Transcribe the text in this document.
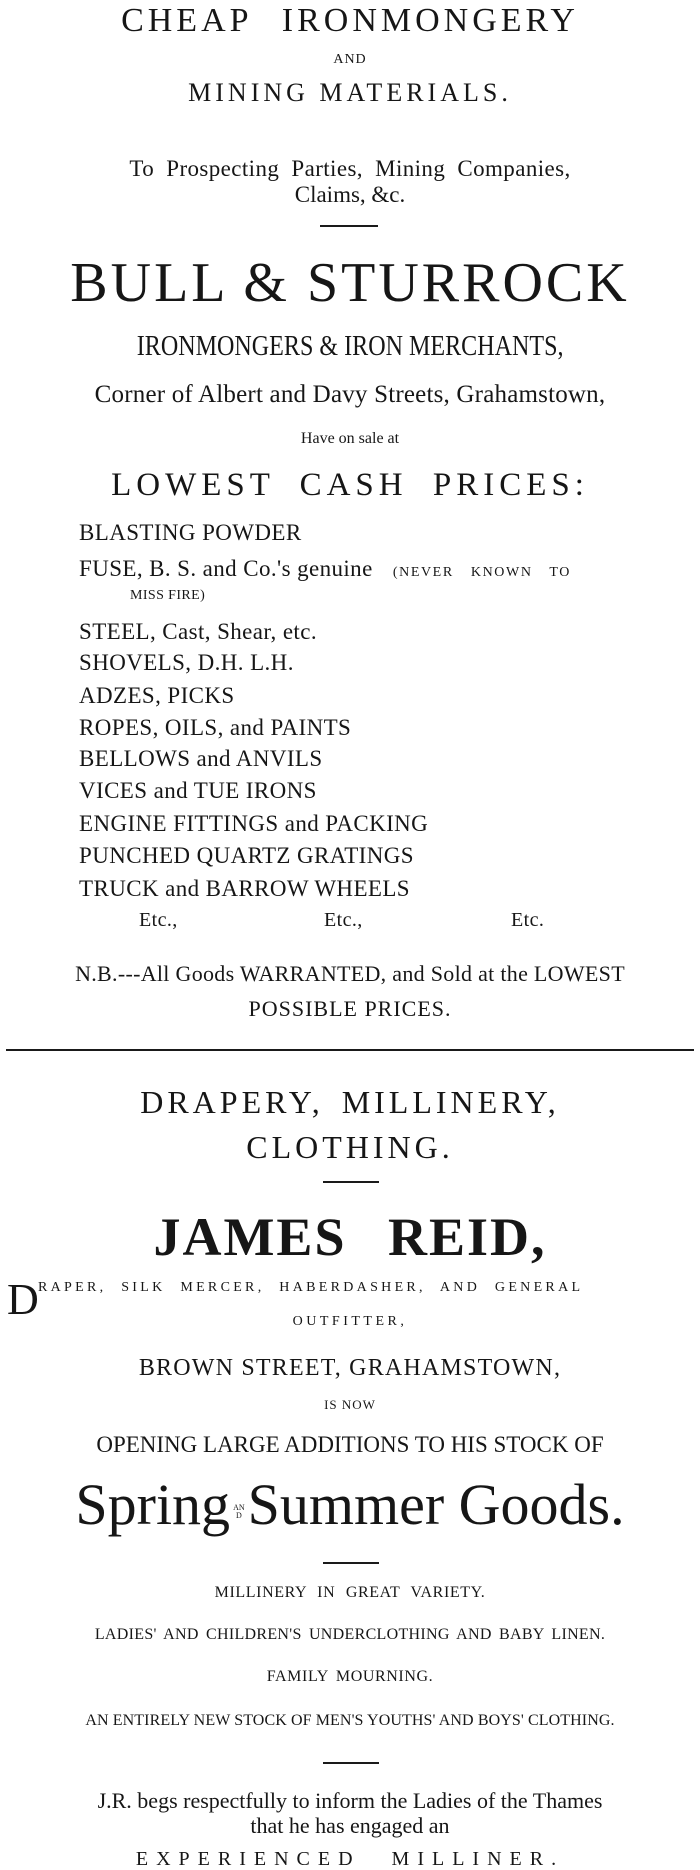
CHEAP IRONMONGERY
AND
MINING MATERIALS.
To Prospecting Parties, Mining Companies,
Claims, &c.
BULL & STURROCK
IRONMONGERS & IRON MERCHANTS,
Corner of Albert and Davy Streets, Grahamstown,
Have on sale at
LOWEST CASH PRICES:
BLASTING POWDER
FUSE, B. S. and Co.'s genuine (NEVER KNOWN TO
MISS FIRE)
STEEL, Cast, Shear, etc.
SHOVELS, D.H. L.H.
ADZES, PICKS
ROPES, OILS, and PAINTS
BELLOWS and ANVILS
VICES and TUE IRONS
ENGINE FITTINGS and PACKING
PUNCHED QUARTZ GRATINGS
TRUCK and BARROW WHEELS
Etc.,	Etc.,	Etc.
N.B.---All Goods WARRANTED, and Sold at the LOWEST
POSSIBLE PRICES.
DRAPERY, MILLINERY,
CLOTHING.
JAMES REID,
D RAPER, SILK MERCER, HABERDASHER, AND GENERAL
OUTFITTER,
BROWN STREET, GRAHAMSTOWN,
IS NOW
OPENING LARGE ADDITIONS TO HIS STOCK OF
Spring AN
D Summer Goods.
MILLINERY IN GREAT VARIETY.
LADIES' AND CHILDREN'S UNDERCLOTHING AND BABY LINEN.
FAMILY MOURNING.
AN ENTIRELY NEW STOCK OF MEN'S YOUTHS' AND BOYS' CLOTHING.
J.R. begs respectfully to inform the Ladies of the Thames
that he has engaged an
EXPERIENCED MILLINER.
